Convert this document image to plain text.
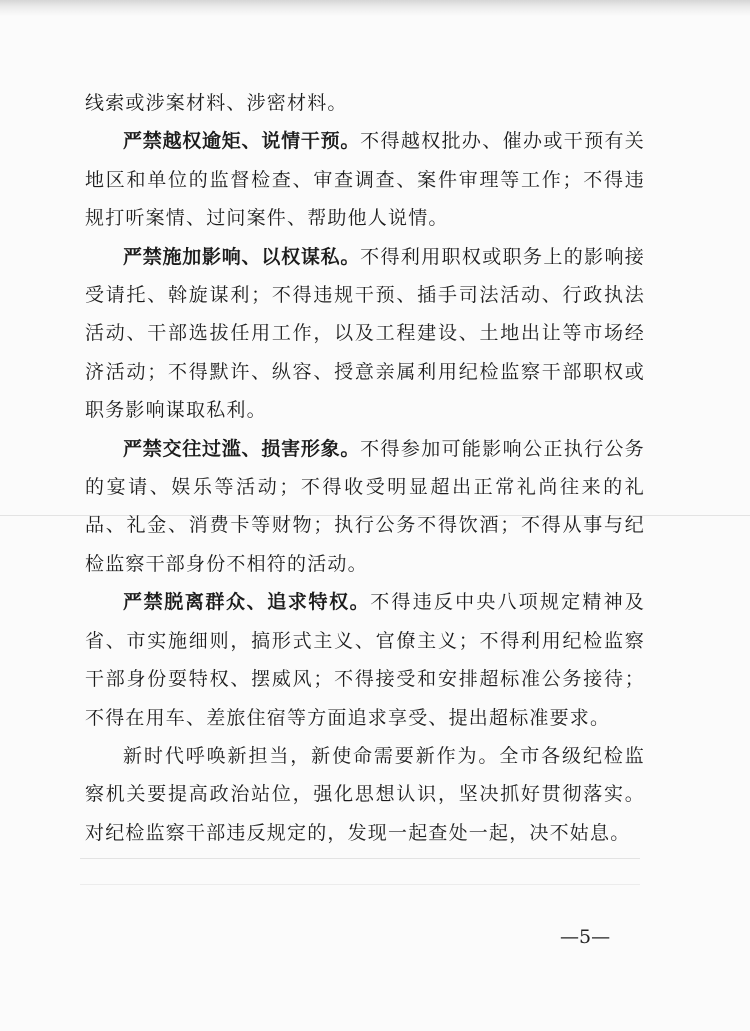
线索或涉案材料、涉密材料。

严禁越权逾矩、说情干预。不得越权批办、催办或干预有关地区和单位的监督检查、审查调查、案件审理等工作；不得违规打听案情、过问案件、帮助他人说情。

严禁施加影响、以权谋私。不得利用职权或职务上的影响接受请托、斡旋谋利；不得违规干预、插手司法活动、行政执法活动、干部选拔任用工作，以及工程建设、土地出让等市场经济活动；不得默许、纵容、授意亲属利用纪检监察干部职权或职务影响谋取私利。

严禁交往过滥、损害形象。不得参加可能影响公正执行公务的宴请、娱乐等活动；不得收受明显超出正常礼尚往来的礼品、礼金、消费卡等财物；执行公务不得饮酒；不得从事与纪检监察干部身份不相符的活动。

严禁脱离群众、追求特权。不得违反中央八项规定精神及省、市实施细则，搞形式主义、官僚主义；不得利用纪检监察干部身份耍特权、摆威风；不得接受和安排超标准公务接待；不得在用车、差旅住宿等方面追求享受、提出超标准要求。

新时代呼唤新担当，新使命需要新作为。全市各级纪检监察机关要提高政治站位，强化思想认识，坚决抓好贯彻落实。对纪检监察干部违反规定的，发现一起查处一起，决不姑息。

—5—
